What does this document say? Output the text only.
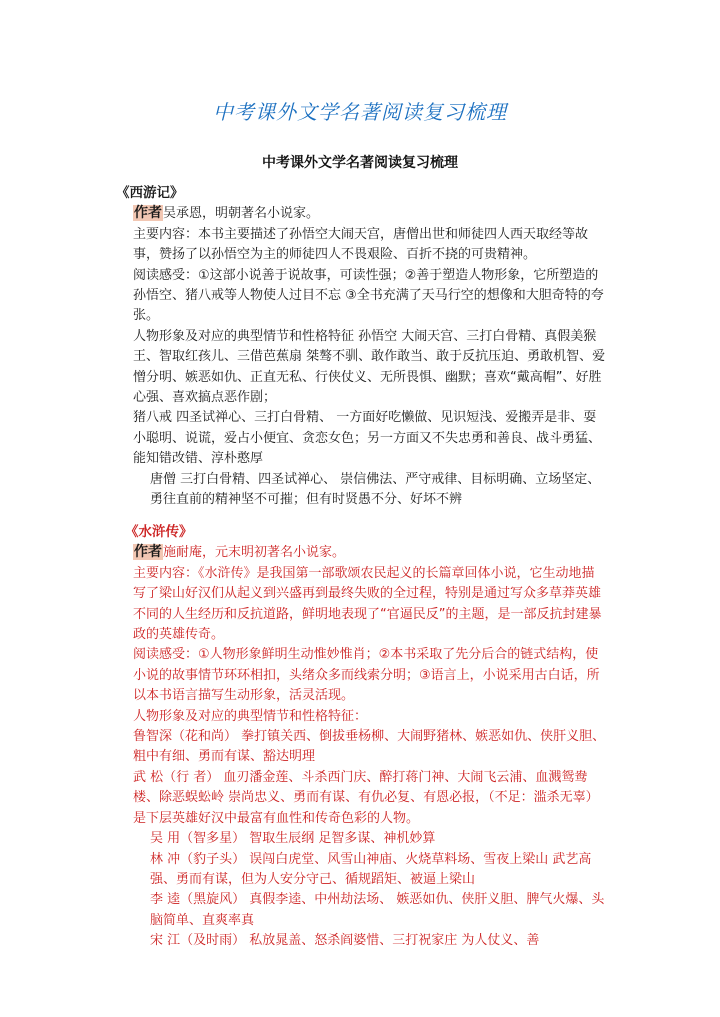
中考课外文学名著阅读复习梳理
中考课外文学名著阅读复习梳理

《西游记》

作者吴承恩，明朝著名小说家。

主要内容：本书主要描述了孙悟空大闹天宫，唐僧出世和师徒四人西天取经等故事，赞扬了以孙悟空为主的师徒四人不畏艰险、百折不挠的可贵精神。

阅读感受：①这部小说善于说故事，可读性强；②善于塑造人物形象，它所塑造的孙悟空、猪八戒等人物使人过目不忘 ③全书充满了天马行空的想像和大胆奇特的夸张。

人物形象及对应的典型情节和性格特征 孙悟空 大闹天宫、三打白骨精、真假美猴王、智取红孩儿、三借芭蕉扇 桀骜不驯、敢作敢当、敢于反抗压迫、勇敢机智、爱憎分明、嫉恶如仇、正直无私、行侠仗义、无所畏惧、幽默；喜欢“戴高帽”、好胜心强、喜欢搞点恶作剧；

猪八戒 四圣试禅心、三打白骨精、 一方面好吃懒做、见识短浅、爱搬弄是非、耍小聪明、说谎，爱占小便宜、贪恋女色；另一方面又不失忠勇和善良、战斗勇猛、能知错改错、淳朴憨厚

唐僧 三打白骨精、四圣试禅心、 崇信佛法、严守戒律、目标明确、立场坚定、勇往直前的精神坚不可摧；但有时贤愚不分、好坏不辨

《水浒传》

作者施耐庵，元末明初著名小说家。

主要内容：《水浒传》是我国第一部歌颂农民起义的长篇章回体小说，它生动地描写了梁山好汉们从起义到兴盛再到最终失败的全过程，特别是通过写众多草莽英雄不同的人生经历和反抗道路，鲜明地表现了“官逼民反”的主题，是一部反抗封建暴政的英雄传奇。

阅读感受：①人物形象鲜明生动惟妙惟肖；②本书采取了先分后合的链式结构，使小说的故事情节环环相扣，头绪众多而线索分明；③语言上，小说采用古白话，所以本书语言描写生动形象，活灵活现。

人物形象及对应的典型情节和性格特征：

鲁智深（花和尚） 拳打镇关西、倒拔垂杨柳、大闹野猪林、嫉恶如仇、侠肝义胆、粗中有细、勇而有谋、豁达明理

武 松（行 者） 血刃潘金莲、斗杀西门庆、醉打蒋门神、大闹飞云浦、血溅鸳鸯楼、除恶蜈蚣岭 崇尚忠义、勇而有谋、有仇必复、有恩必报，（不足：滥杀无辜）是下层英雄好汉中最富有血性和传奇色彩的人物。

吴 用（智多星） 智取生辰纲 足智多谋、神机妙算

林 冲（豹子头） 误闯白虎堂、风雪山神庙、火烧草料场、雪夜上梁山 武艺高强、勇而有谋，但为人安分守己、循规蹈矩、被逼上梁山

李 逵（黑旋风） 真假李逵、中州劫法场、 嫉恶如仇、侠肝义胆、脾气火爆、头脑简单、直爽率真

宋 江（及时雨） 私放晁盖、怒杀阎婆惜、三打祝家庄 为人仗义、善
